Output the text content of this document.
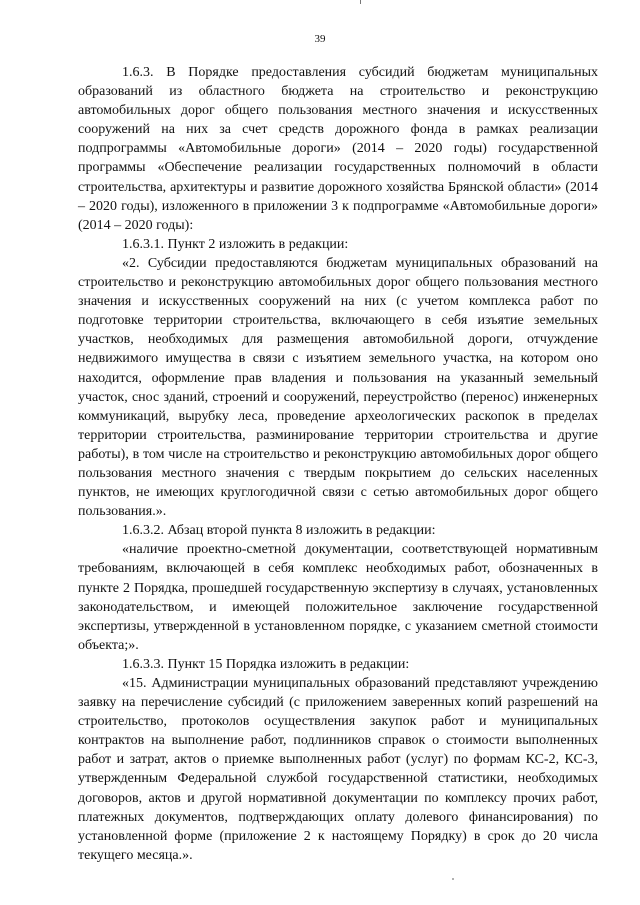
39

1.6.3. В Порядке предоставления субсидий бюджетам муниципальных образований из областного бюджета на строительство и реконструкцию автомобильных дорог общего пользования местного значения и искусственных сооружений на них за счет средств дорожного фонда в рамках реализации подпрограммы «Автомобильные дороги» (2014 – 2020 годы) государственной программы «Обеспечение реализации государственных полномочий в области строительства, архитектуры и развитие дорожного хозяйства Брянской области» (2014 – 2020 годы), изложенного в приложении 3 к подпрограмме «Автомобильные дороги» (2014 – 2020 годы):

1.6.3.1. Пункт 2 изложить в редакции:

«2. Субсидии предоставляются бюджетам муниципальных образований на строительство и реконструкцию автомобильных дорог общего пользования местного значения и искусственных сооружений на них (с учетом комплекса работ по подготовке территории строительства, включающего в себя изъятие земельных участков, необходимых для размещения автомобильной дороги, отчуждение недвижимого имущества в связи с изъятием земельного участка, на котором оно находится, оформление прав владения и пользования на указанный земельный участок, снос зданий, строений и сооружений, переустройство (перенос) инженерных коммуникаций, вырубку леса, проведение археологических раскопок в пределах территории строительства, разминирование территории строительства и другие работы), в том числе на строительство и реконструкцию автомобильных дорог общего пользования местного значения с твердым покрытием до сельских населенных пунктов, не имеющих круглогодичной связи с сетью автомобильных дорог общего пользования.».

1.6.3.2. Абзац второй пункта 8 изложить в редакции:

«наличие проектно-сметной документации, соответствующей нормативным требованиям, включающей в себя комплекс необходимых работ, обозначенных в пункте 2 Порядка, прошедшей государственную экспертизу в случаях, установленных законодательством, и имеющей положительное заключение государственной экспертизы, утвержденной в установленном порядке, с указанием сметной стоимости объекта;».

1.6.3.3. Пункт 15 Порядка изложить в редакции:

«15. Администрации муниципальных образований представляют учреждению заявку на перечисление субсидий (с приложением заверенных копий разрешений на строительство, протоколов осуществления закупок работ и муниципальных контрактов на выполнение работ, подлинников справок о стоимости выполненных работ и затрат, актов о приемке выполненных работ (услуг) по формам КС-2, КС-3, утвержденным Федеральной службой государственной статистики, необходимых договоров, актов и другой нормативной документации по комплексу прочих работ, платежных документов, подтверждающих оплату долевого финансирования) по установленной форме (приложение 2 к настоящему Порядку) в срок до 20 числа текущего месяца.».
